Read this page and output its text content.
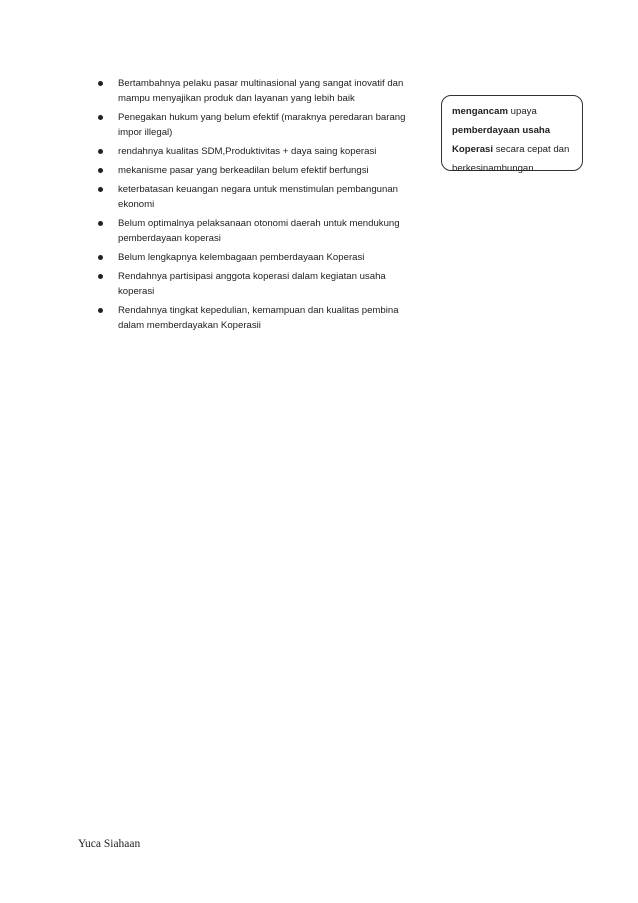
Bertambahnya pelaku pasar multinasional yang sangat inovatif dan mampu menyajikan produk dan layanan yang lebih baik
Penegakan hukum yang belum efektif (maraknya peredaran barang impor illegal)
rendahnya kualitas SDM,Produktivitas + daya saing koperasi
mekanisme pasar yang berkeadilan belum efektif berfungsi
keterbatasan keuangan negara untuk menstimulan pembangunan ekonomi
Belum optimalnya pelaksanaan otonomi daerah untuk mendukung pemberdayaan koperasi
Belum lengkapnya kelembagaan pemberdayaan Koperasi
Rendahnya partisipasi anggota koperasi dalam kegiatan usaha koperasi
Rendahnya tingkat kepedulian, kemampuan dan kualitas pembina dalam memberdayakan Koperasii
mengancam upaya
pemberdayaan usaha
Koperasi secara cepat dan
berkesinambungan
Yuca Siahaan
